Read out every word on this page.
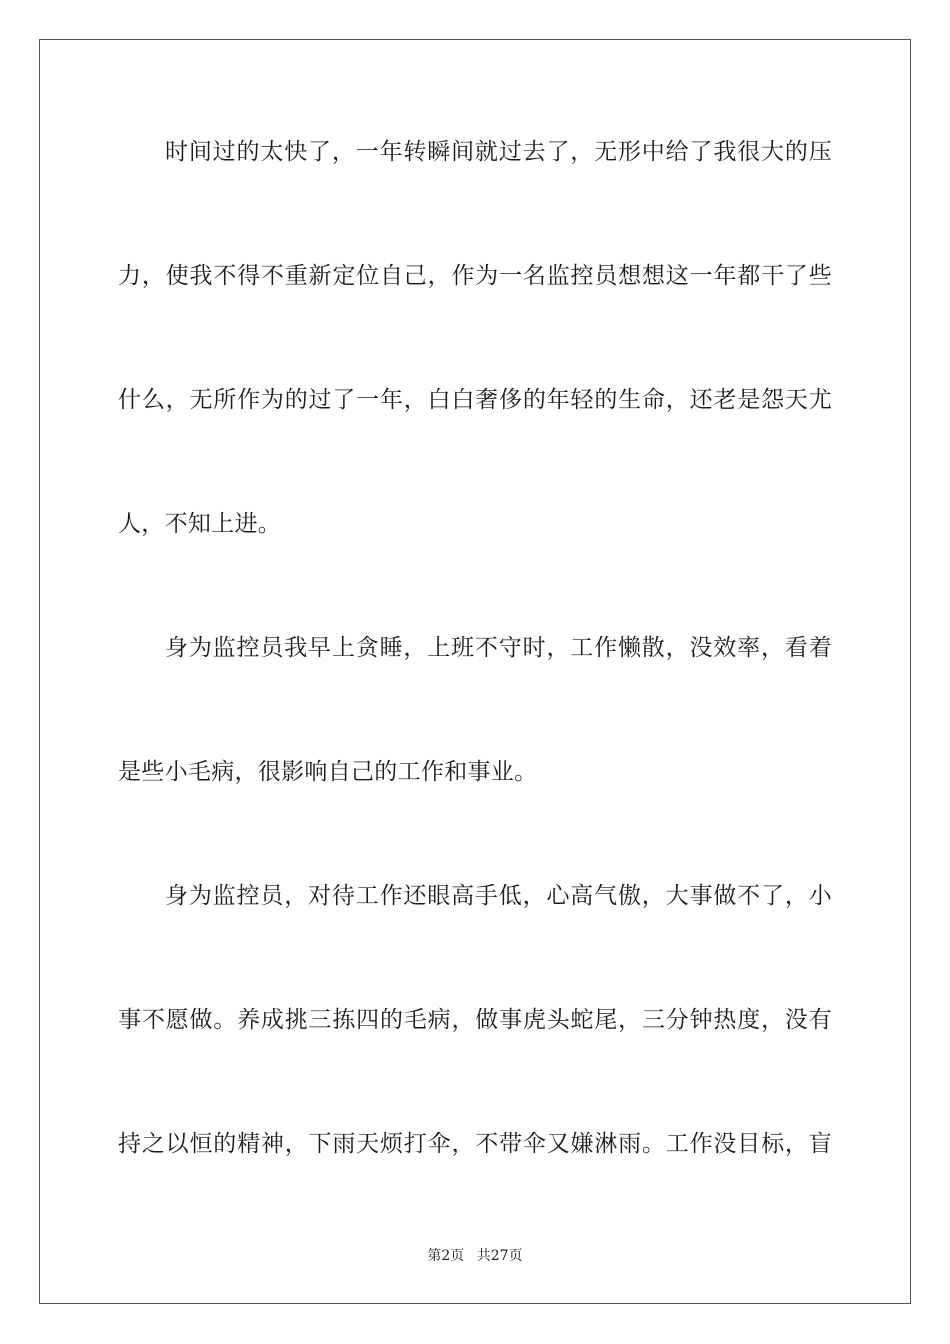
时间过的太快了，一年转瞬间就过去了，无形中给了我很大的压
力，使我不得不重新定位自己，作为一名监控员想想这一年都干了些
什么，无所作为的过了一年，白白奢侈的年轻的生命，还老是怨天尤
人，不知上进。
身为监控员我早上贪睡，上班不守时，工作懒散，没效率，看着
是些小毛病，很影响自己的工作和事业。
身为监控员，对待工作还眼高手低，心高气傲，大事做不了，小
事不愿做。养成挑三拣四的毛病，做事虎头蛇尾，三分钟热度，没有
持之以恒的精神，下雨天烦打伞，不带伞又嫌淋雨。工作没目标，盲
第2页 共27页
